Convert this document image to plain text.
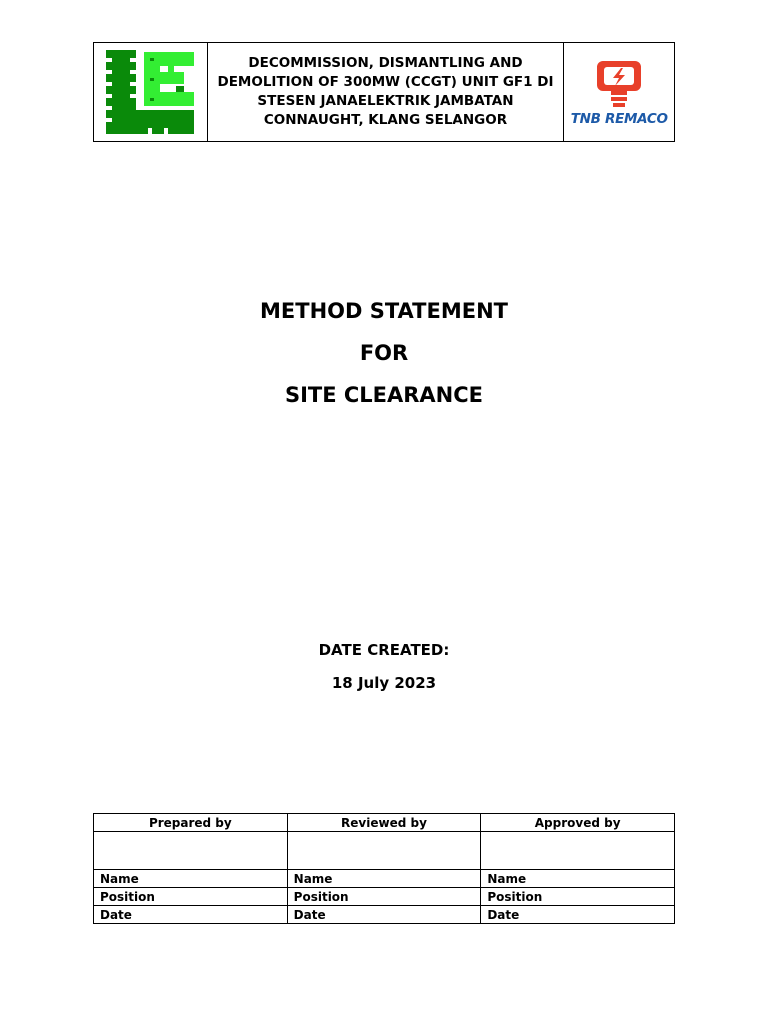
DECOMMISSION, DISMANTLING AND
DEMOLITION OF 300MW (CCGT) UNIT GF1 DI
STESEN JANAELEKTRIK JAMBATAN
CONNAUGHT, KLANG SELANGOR	TNB REMACO
METHOD STATEMENT
FOR
SITE CLEARANCE
DATE CREATED:
18 July 2023
Prepared by	Reviewed by	Approved by

Name	Name	Name
Position	Position	Position
Date	Date	Date
